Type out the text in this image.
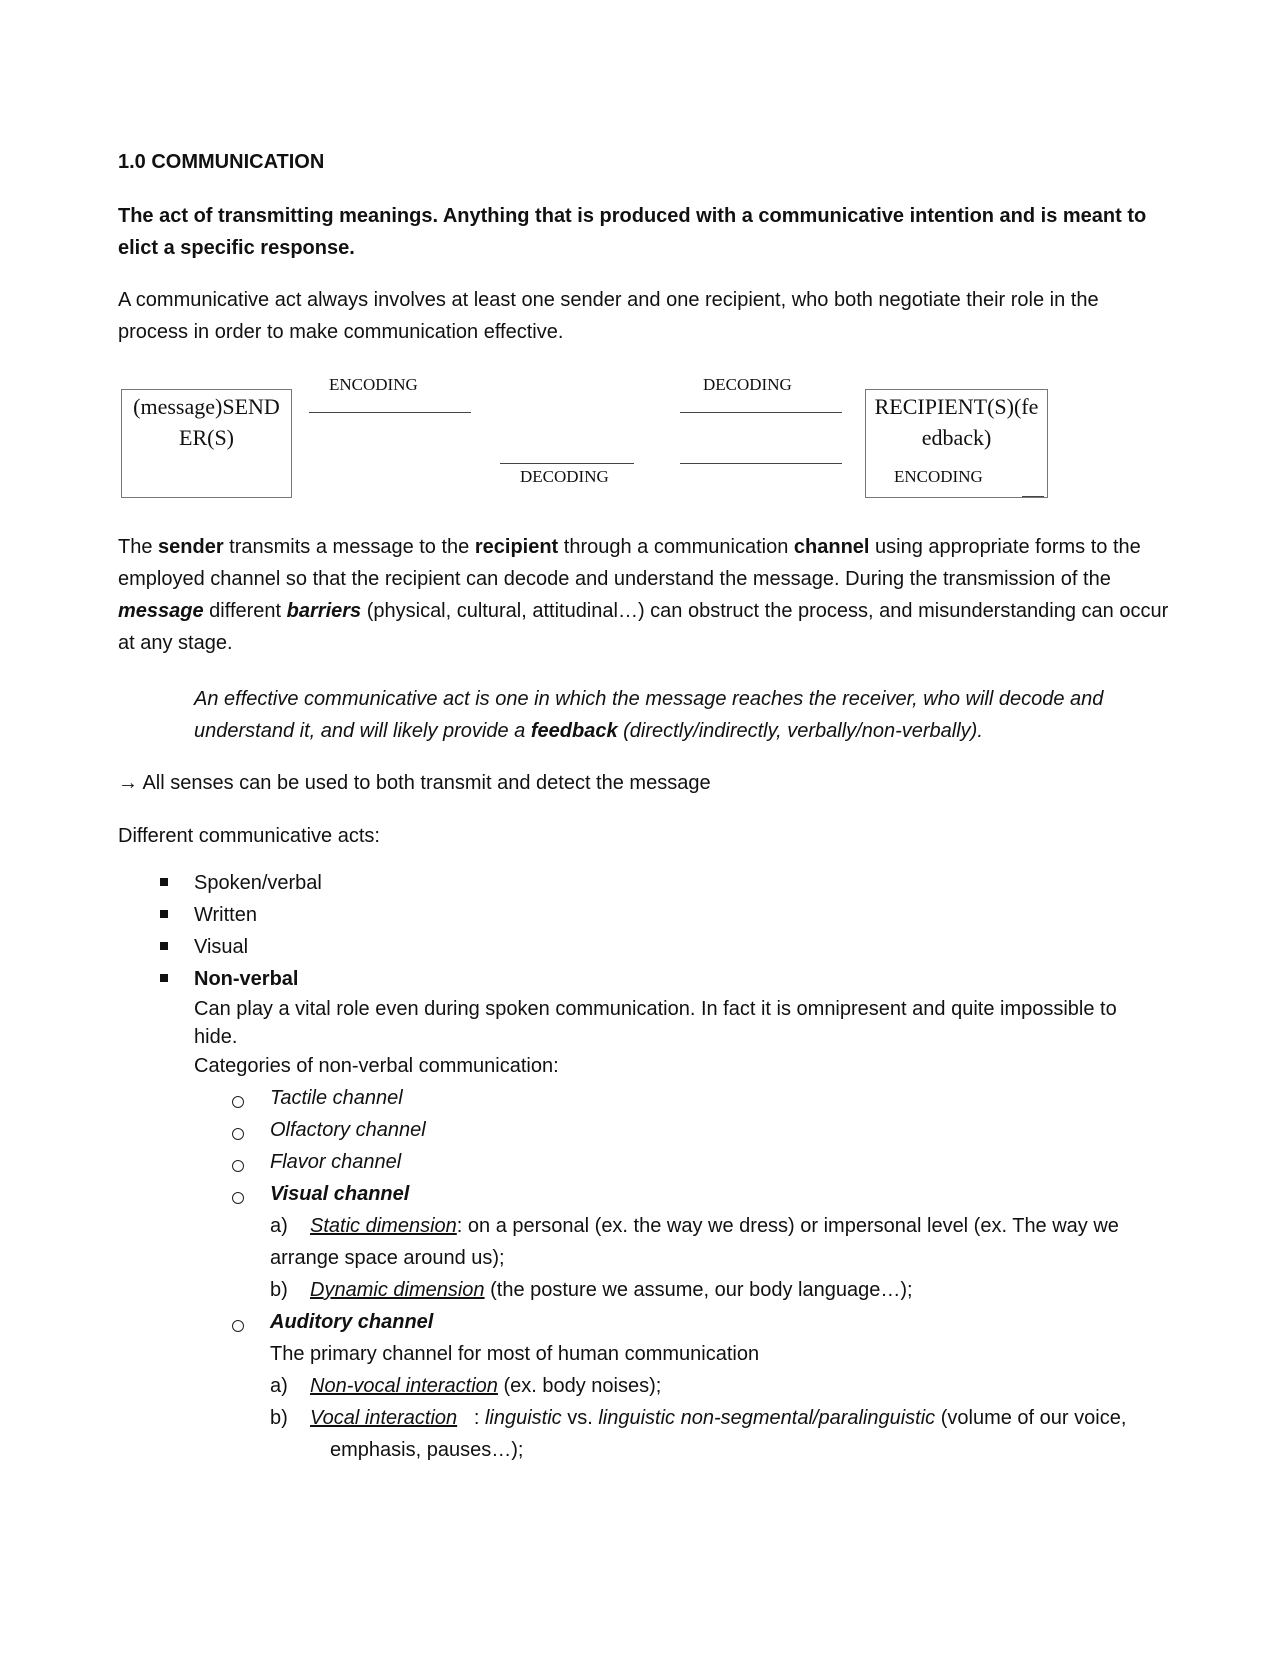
1.0 COMMUNICATION

The act of transmitting meanings. Anything that is produced with a communicative intention and is meant to elict a specific response.

A communicative act always involves at least one sender and one recipient, who both negotiate their role in the process in order to make communication effective.

(message)SEND
ER(S)
RECIPIENT(S)(fe
edback)
ENCODING	DECODING
DECODING	ENCODING

The sender transmits a message to the recipient through a communication channel using appropriate forms to the employed channel so that the recipient can decode and understand the message. During the transmission of the message different barriers (physical, cultural, attitudinal…) can obstruct the process, and misunderstanding can occur at any stage.

An effective communicative act is one in which the message reaches the receiver, who will decode and understand it, and will likely provide a feedback (directly/indirectly, verbally/non-verbally).

→ All senses can be used to both transmit and detect the message

Different communicative acts:

Spoken/verbal
Written
Visual
Non-verbal

Can play a vital role even during spoken communication. In fact it is omnipresent and quite impossible to hide.

Categories of non-verbal communication:
Tactile channel
Olfactory channel
Flavor channel
Visual channel

a) Static dimension: on a personal (ex. the way we dress) or impersonal level (ex. The way we arrange space around us);

b) Dynamic dimension (the posture we assume, our body language…);

Auditory channel
The primary channel for most of human communication

a) Non-vocal interaction (ex. body noises);

b) Vocal interaction   : linguistic vs. linguistic non-segmental/paralinguistic (volume of our voice,emphasis, pauses…);
